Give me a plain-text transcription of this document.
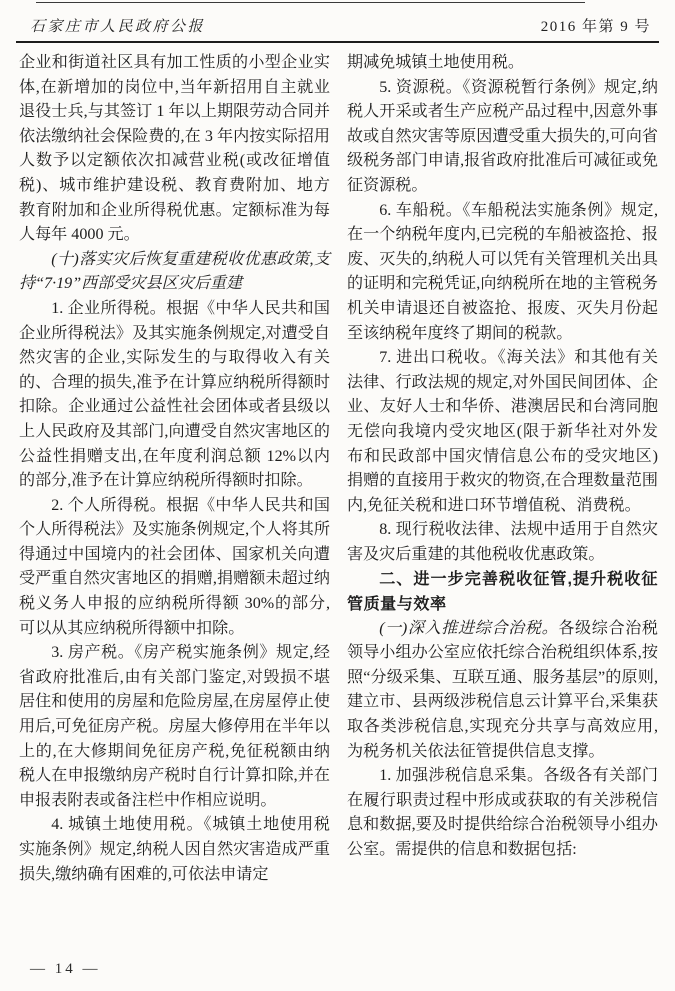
石家庄市人民政府公报	2016 年第 9 号

企业和街道社区具有加工性质的小型企业实体,在新增加的岗位中,当年新招用自主就业退役士兵,与其签订 1 年以上期限劳动合同并依法缴纳社会保险费的,在 3 年内按实际招用人数予以定额依次扣减营业税(或改征增值税)、城市维护建设税、教育费附加、地方教育附加和企业所得税优惠。定额标准为每人每年 4000 元。

(十)落实灾后恢复重建税收优惠政策,支持“7·19”西部受灾县区灾后重建

1. 企业所得税。根据《中华人民共和国企业所得税法》及其实施条例规定,对遭受自然灾害的企业,实际发生的与取得收入有关的、合理的损失,准予在计算应纳税所得额时扣除。企业通过公益性社会团体或者县级以上人民政府及其部门,向遭受自然灾害地区的公益性捐赠支出,在年度利润总额 12%以内的部分,准予在计算应纳税所得额时扣除。

2. 个人所得税。根据《中华人民共和国个人所得税法》及实施条例规定,个人将其所得通过中国境内的社会团体、国家机关向遭受严重自然灾害地区的捐赠,捐赠额未超过纳税义务人申报的应纳税所得额 30%的部分,可以从其应纳税所得额中扣除。

3. 房产税。《房产税实施条例》规定,经省政府批准后,由有关部门鉴定,对毁损不堪居住和使用的房屋和危险房屋,在房屋停止使用后,可免征房产税。房屋大修停用在半年以上的,在大修期间免征房产税,免征税额由纳税人在申报缴纳房产税时自行计算扣除,并在申报表附表或备注栏中作相应说明。

4. 城镇土地使用税。《城镇土地使用税实施条例》规定,纳税人因自然灾害造成严重损失,缴纳确有困难的,可依法申请定

期减免城镇土地使用税。

5. 资源税。《资源税暂行条例》规定,纳税人开采或者生产应税产品过程中,因意外事故或自然灾害等原因遭受重大损失的,可向省级税务部门申请,报省政府批准后可减征或免征资源税。

6. 车船税。《车船税法实施条例》规定,在一个纳税年度内,已完税的车船被盗抢、报废、灭失的,纳税人可以凭有关管理机关出具的证明和完税凭证,向纳税所在地的主管税务机关申请退还自被盗抢、报废、灭失月份起至该纳税年度终了期间的税款。

7. 进出口税收。《海关法》和其他有关法律、行政法规的规定,对外国民间团体、企业、友好人士和华侨、港澳居民和台湾同胞无偿向我境内受灾地区(限于新华社对外发布和民政部中国灾情信息公布的受灾地区)捐赠的直接用于救灾的物资,在合理数量范围内,免征关税和进口环节增值税、消费税。

8. 现行税收法律、法规中适用于自然灾害及灾后重建的其他税收优惠政策。

二、进一步完善税收征管,提升税收征管质量与效率

(一)深入推进综合治税。各级综合治税领导小组办公室应依托综合治税组织体系,按照“分级采集、互联互通、服务基层”的原则,建立市、县两级涉税信息云计算平台,采集获取各类涉税信息,实现充分共享与高效应用,为税务机关依法征管提供信息支撑。

1. 加强涉税信息采集。各级各有关部门在履行职责过程中形成或获取的有关涉税信息和数据,要及时提供给综合治税领导小组办公室。需提供的信息和数据包括:

— 14 —
